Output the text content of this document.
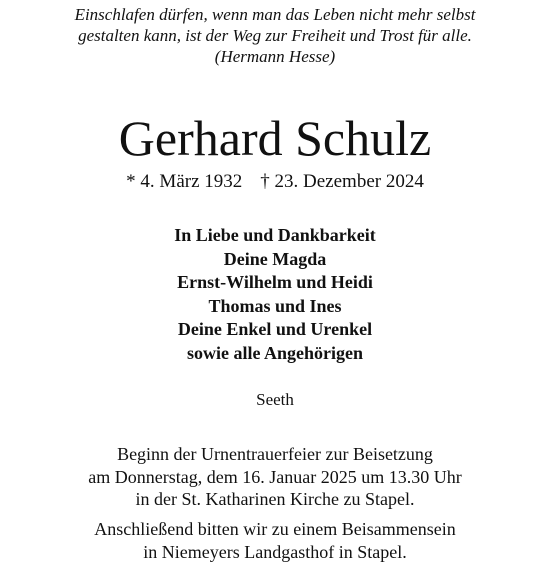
Einschlafen dürfen, wenn man das Leben nicht mehr selbst
gestalten kann, ist der Weg zur Freiheit und Trost für alle.
(Hermann Hesse)
Gerhard Schulz
* 4. März 1932 † 23. Dezember 2024
In Liebe und Dankbarkeit
Deine Magda
Ernst-Wilhelm und Heidi
Thomas und Ines
Deine Enkel und Urenkel
sowie alle Angehörigen
Seeth
Beginn der Urnentrauerfeier zur Beisetzung
am Donnerstag, dem 16. Januar 2025 um 13.30 Uhr
in der St. Katharinen Kirche zu Stapel.
Anschließend bitten wir zu einem Beisammensein
in Niemeyers Landgasthof in Stapel.
